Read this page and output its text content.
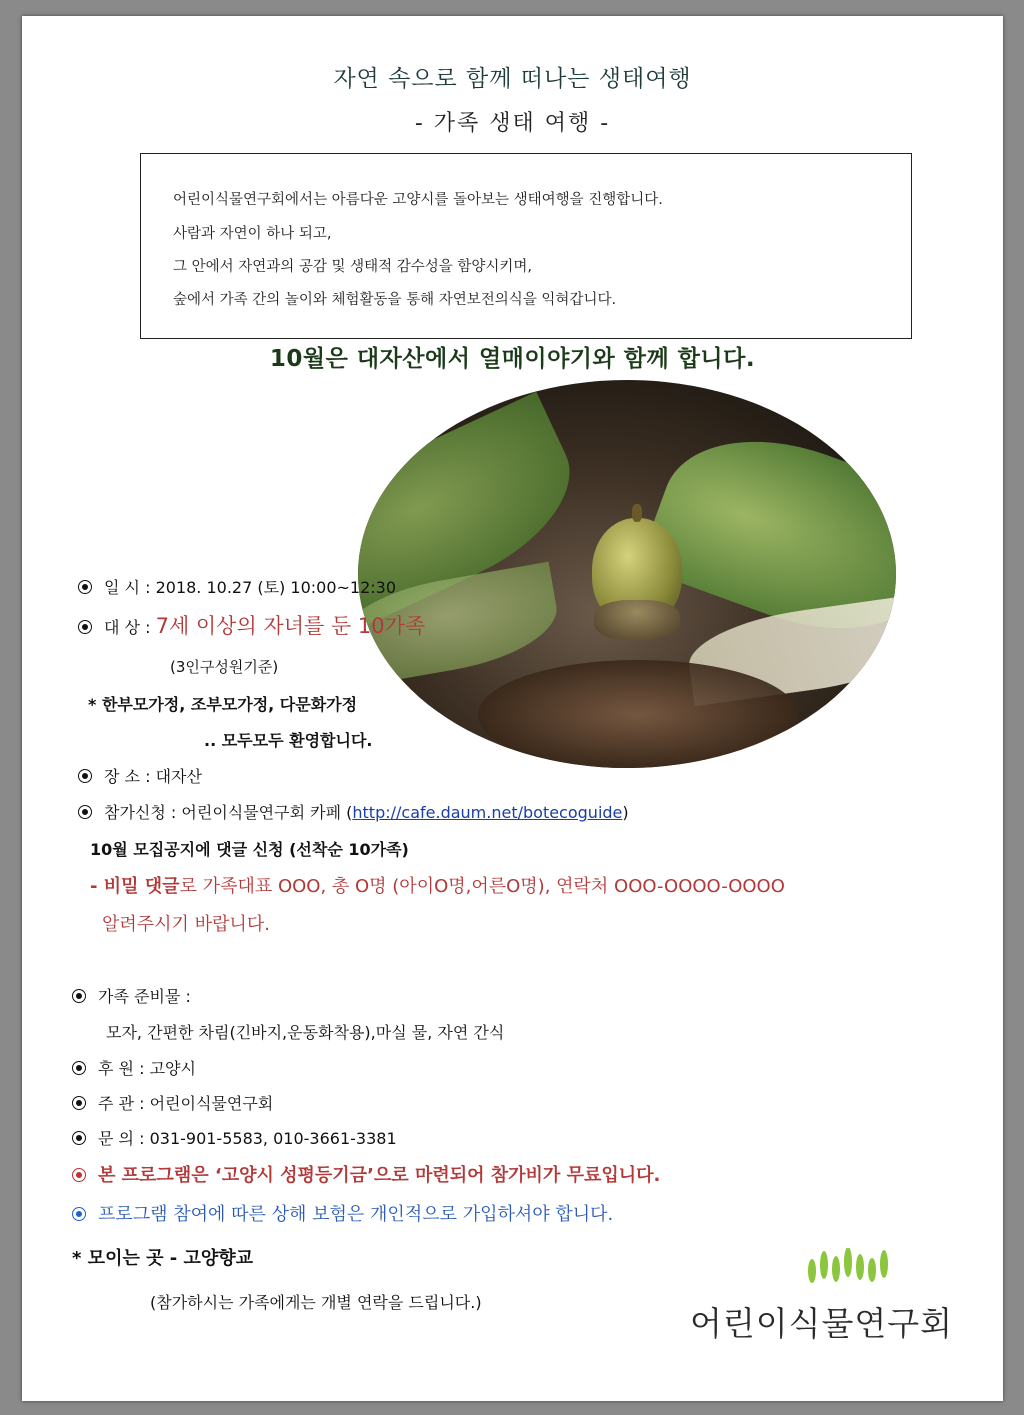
자연 속으로 함께 떠나는 생태여행
- 가족 생태 여행 -

어린이식물연구회에서는 아름다운 고양시를 돌아보는 생태여행을 진행합니다.

사람과 자연이 하나 되고,

그 안에서 자연과의 공감 및 생태적 감수성을 함양시키며,

숲에서 가족 간의 놀이와 체험활동을 통해 자연보전의식을 익혀갑니다.

10월은 대자산에서 열매이야기와 함께 합니다.
일 시 : 2018. 10.27 (토) 10:00~12:30
대 상 : 7세 이상의 자녀를 둔 10가족
(3인구성원기준)
* 한부모가정, 조부모가정, 다문화가정
.. 모두모두 환영합니다.
장 소 : 대자산
참가신청 : 어린이식물연구회 카페 (http://cafe.daum.net/botecoguide)
10월 모집공지에 댓글 신청 (선착순 10가족)
- 비밀 댓글로 가족대표 OOO, 총 O명 (아이O명,어른O명), 연락처 OOO-OOOO-OOOO
알려주시기 바랍니다.
가족 준비물 :
모자, 간편한 차림(긴바지,운동화착용),마실 물, 자연 간식
후 원 : 고양시
주 관 : 어린이식물연구회
문 의 : 031-901-5583, 010-3661-3381
본 프로그램은 ‘고양시 성평등기금’으로 마련되어 참가비가 무료입니다.
프로그램 참여에 따른 상해 보험은 개인적으로 가입하셔야 합니다.
* 모이는 곳 - 고양향교
(참가하시는 가족에게는 개별 연락을 드립니다.)
어린이식물연구회
